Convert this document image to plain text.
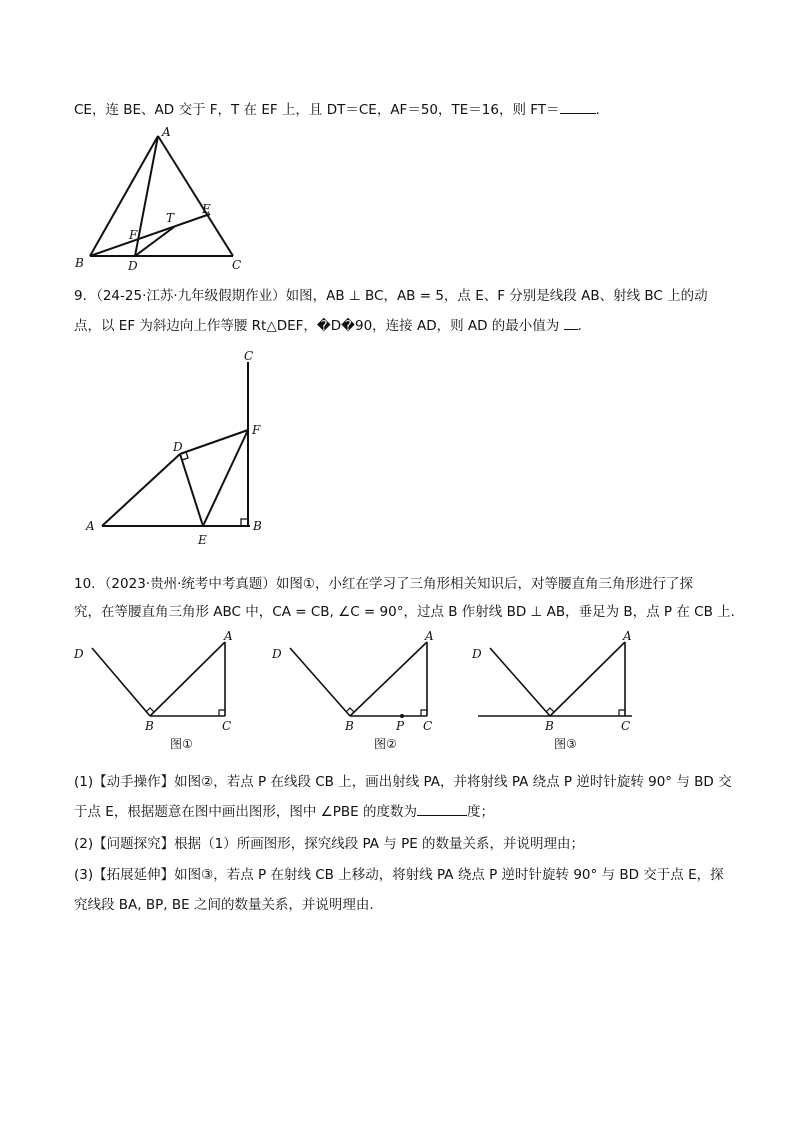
CE，连 BE、AD 交于 F，T 在 EF 上，且 DT＝CE，AF＝50，TE＝16，则 FT＝	.
A
B	C
D
E
F
T
9．（24-25·江苏·九年级假期作业）如图，AB ⊥ BC，AB = 5，点 E、F 分别是线段 AB、射线 BC 上的动
点，以 EF 为斜边向上作等腰 Rt△DEF，�D�90，连接 AD，则 AD 的最小值为 .
C
D
F
A	B
E
10．（2023·贵州·统考中考真题）如图①，小红在学习了三角形相关知识后，对等腰直角三角形进行了探
究，在等腰直角三角形 ABC 中，CA = CB, ∠C = 90°，过点 B 作射线 BD ⊥ AB，垂足为 B，点 P 在 CB 上．
D
A
B	C
图①
D
A
B	P C
图②
D
A
B	C
图③
(1)【动手操作】如图②，若点 P 在线段 CB 上，画出射线 PA，并将射线 PA 绕点 P 逆时针旋转 90° 与 BD 交
于点 E，根据题意在图中画出图形，图中 ∠PBE 的度数为	度；
(2)【问题探究】根据（1）所画图形，探究线段 PA 与 PE 的数量关系，并说明理由；
(3)【拓展延伸】如图③，若点 P 在射线 CB 上移动，将射线 PA 绕点 P 逆时针旋转 90° 与 BD 交于点 E，探
究线段 BA, BP, BE 之间的数量关系，并说明理由.
